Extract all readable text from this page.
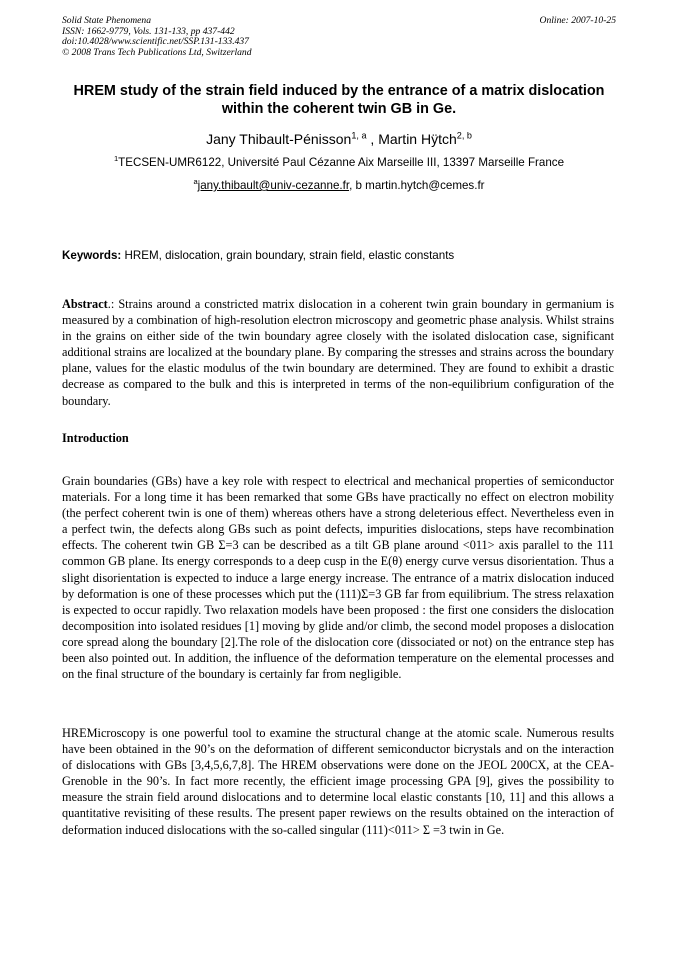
Solid State Phenomena
ISSN: 1662-9779, Vols. 131-133, pp 437-442
doi:10.4028/www.scientific.net/SSP.131-133.437
© 2008 Trans Tech Publications Ltd, Switzerland
Online: 2007-10-25
HREM study of the strain field induced by the entrance of a matrix dislocation within the coherent twin GB in Ge.
Jany Thibault-Pénisson$^{1, a}$ , Martin Hÿtch$^{2, b}$
$^1$TECSEN-UMR6122, Université Paul Cézanne Aix Marseille III, 13397 Marseille France
$^a$jany.thibault@univ-cezanne.fr, b martin.hytch@cemes.fr
Keywords: HREM, dislocation, grain boundary, strain field, elastic constants
Abstract.: Strains around a constricted matrix dislocation in a coherent twin grain boundary in germanium is measured by a combination of high-resolution electron microscopy and geometric phase analysis. Whilst strains in the grains on either side of the twin boundary agree closely with the isolated dislocation case, significant additional strains are localized at the boundary plane. By comparing the stresses and strains across the boundary plane, values for the elastic modulus of the twin boundary are determined. They are found to exhibit a drastic decrease as compared to the bulk and this is interpreted in terms of the non-equilibrium configuration of the boundary.
Introduction
Grain boundaries (GBs) have a key role with respect to electrical and mechanical properties of semiconductor materials. For a long time it has been remarked that some GBs have practically no effect on electron mobility (the perfect coherent twin is one of them) whereas others have a strong deleterious effect. Nevertheless even in a perfect twin, the defects along GBs such as point defects, impurities dislocations, steps have recombination effects. The coherent twin GB Σ=3 can be described as a tilt GB plane around <011> axis parallel to the 111 common GB plane. Its energy corresponds to a deep cusp in the E(θ) energy curve versus disorientation. Thus a slight disorientation is expected to induce a large energy increase. The entrance of a matrix dislocation induced by deformation is one of these processes which put the (111)Σ=3 GB far from equilibrium. The stress relaxation is expected to occur rapidly. Two relaxation models have been proposed : the first one considers the dislocation decomposition into isolated residues [1] moving by glide and/or climb, the second model proposes a dislocation core spread along the boundary [2].The role of the dislocation core (dissociated or not) on the entrance step has been also pointed out. In addition, the influence of the deformation temperature on the elemental processes and on the final structure of the boundary is certainly far from negligible.
HREMicroscopy is one powerful tool to examine the structural change at the atomic scale. Numerous results have been obtained in the 90’s on the deformation of different semiconductor bicrystals and on the interaction of dislocations with GBs [3,4,5,6,7,8]. The HREM observations were done on the JEOL 200CX, at the CEA-Grenoble in the 90’s. In fact more recently, the efficient image processing GPA [9], gives the possibility to measure the strain field around dislocations and to determine local elastic constants [10, 11] and this allows a quantitative revisiting of these results. The present paper rewiews on the results obtained on the interaction of deformation induced dislocations with the so-called singular (111)<011> Σ =3 twin in Ge.
